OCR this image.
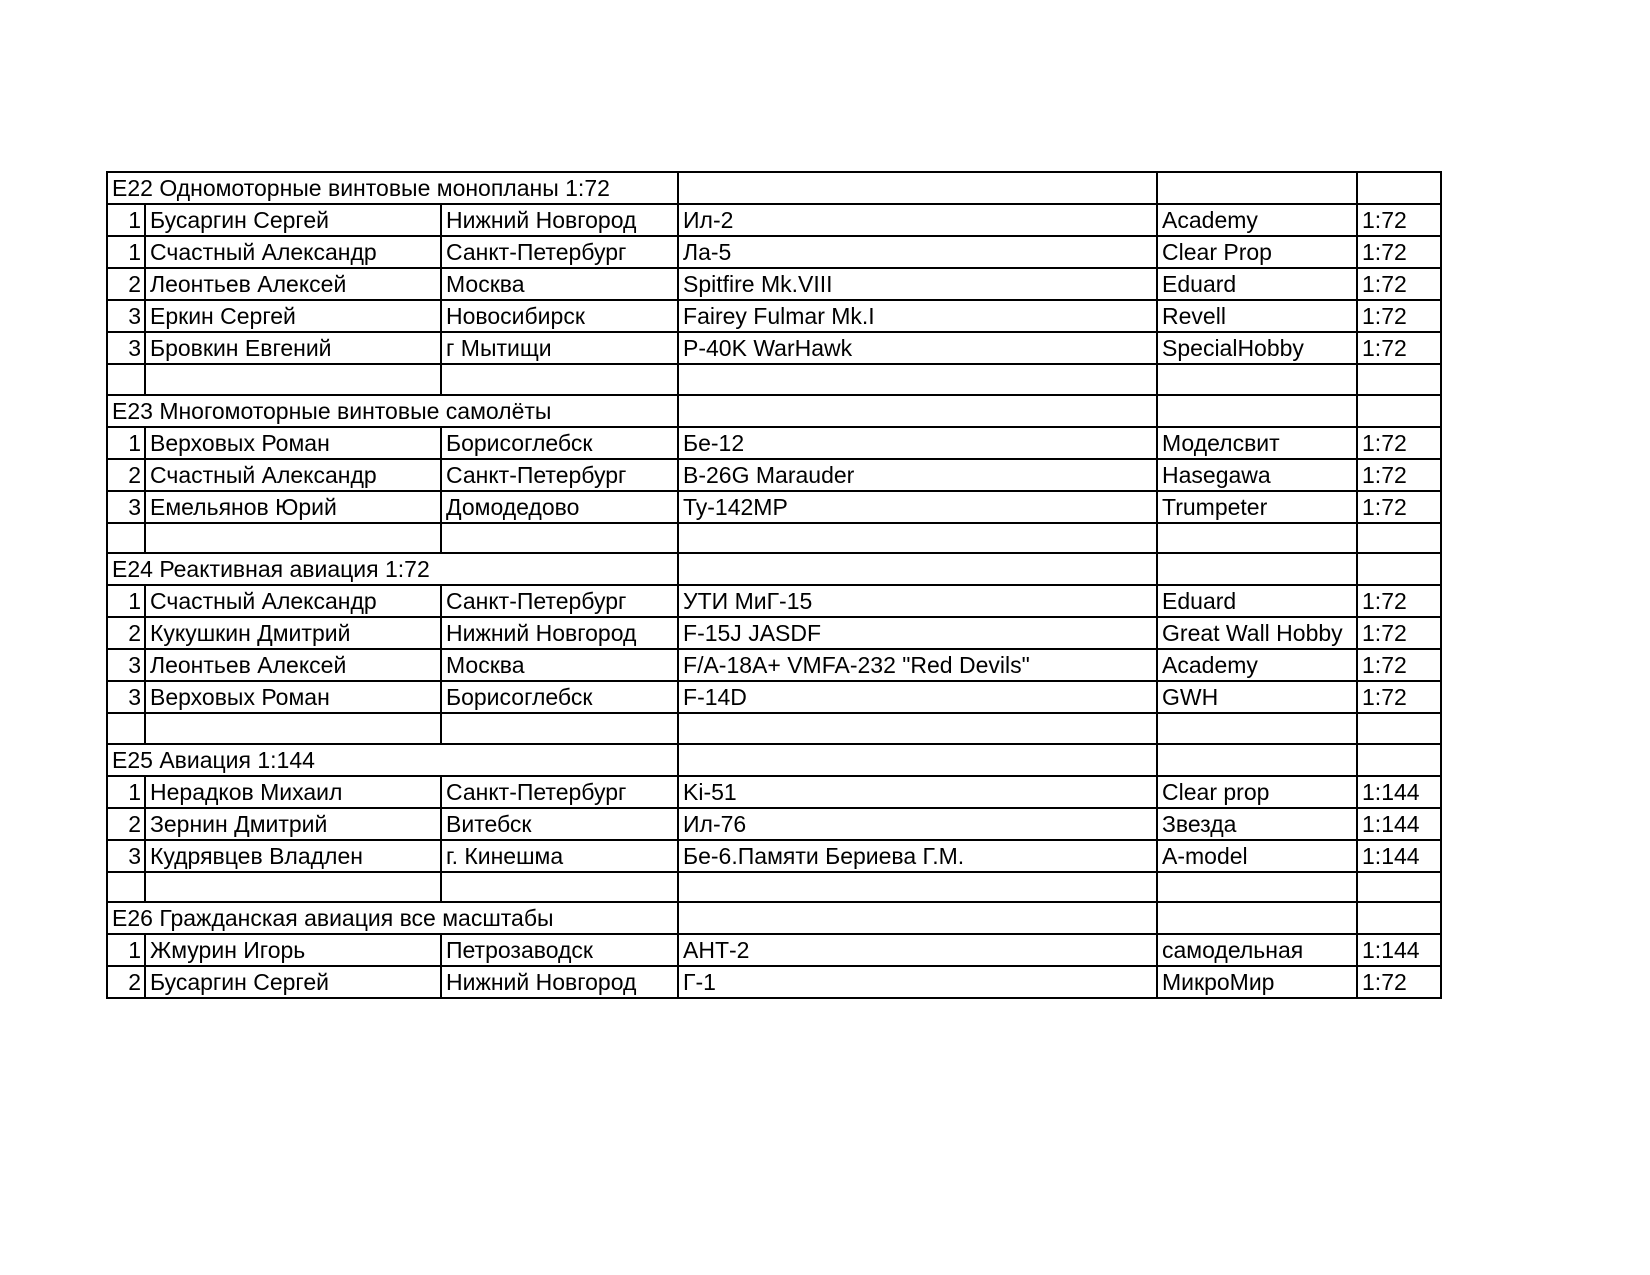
Е22 Одномоторные винтовые монопланы 1:72					
1	Бусаргин Сергей	Нижний Новгород	Ил-2	Academy	1:72
1	Счастный Александр	Санкт-Петербург	Ла-5	Clear Prop	1:72
2	Леонтьев Алексей	Москва	Spitfire Mk.VIII	Eduard	1:72
3	Еркин Сергей	Новосибирск	Fairey Fulmar Mk.I	Revell	1:72
3	Бровкин Евгений	г Мытищи	P-40K WarHawk	SpecialHobby	1:72

Е23 Многомоторные винтовые самолёты					
1	Верховых Роман	Борисоглебск	Бе-12	Моделсвит	1:72
2	Счастный Александр	Санкт-Петербург	B-26G Marauder	Hasegawa	1:72
3	Емельянов Юрий	Домодедово	Ту-142МР	Trumpeter	1:72

Е24 Реактивная авиация 1:72					
1	Счастный Александр	Санкт-Петербург	УТИ МиГ-15	Eduard	1:72
2	Кукушкин Дмитрий	Нижний Новгород	F-15J JASDF	Great Wall Hobby	1:72
3	Леонтьев Алексей	Москва	F/A-18A+ VMFA-232 "Red Devils"	Academy	1:72
3	Верховых Роман	Борисоглебск	F-14D	GWH	1:72

Е25 Авиация 1:144					
1	Нерадков Михаил	Санкт-Петербург	Ki-51	Clear prop	1:144
2	Зернин Дмитрий	Витебск	Ил-76	Звезда	1:144
3	Кудрявцев Владлен	г. Кинешма	Бе-6.Памяти Бериева Г.М.	A-model	1:144

Е26 Гражданская авиация все масштабы					
1	Жмурин Игорь	Петрозаводск	АНТ-2	самодельная	1:144
2	Бусаргин Сергей	Нижний Новгород	Г-1	МикроМир	1:72
